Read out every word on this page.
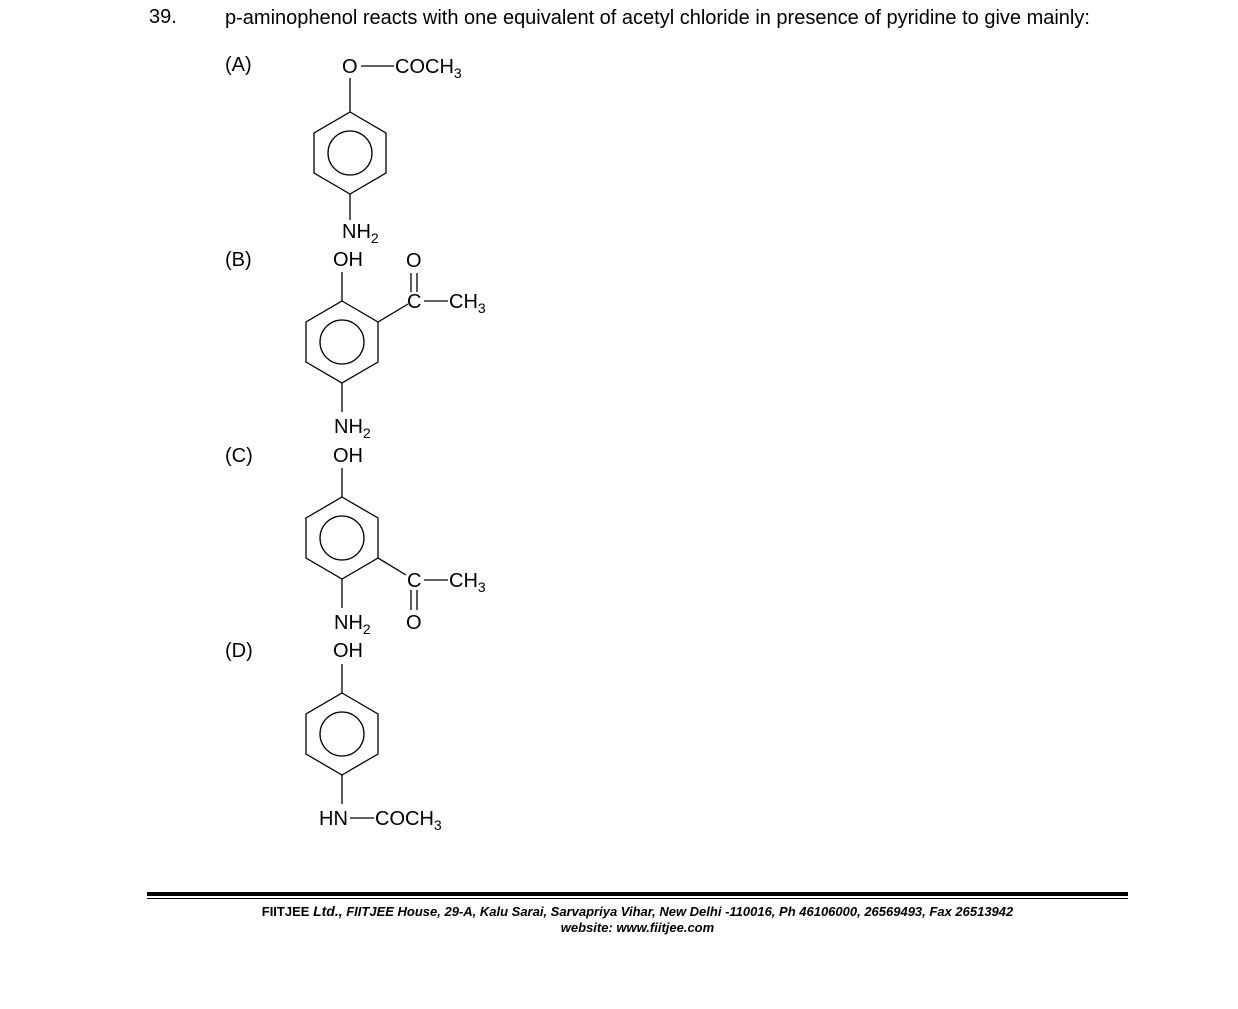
39. p-aminophenol reacts with one equivalent of acetyl chloride in presence of pyridine to give mainly:
(A)
(B)
(C)
(D)
O $COCH_3$
$NH_2$
OH O
C $CH_3$
$NH_2$
OH
C $CH_3$
O
$NH_2$
OH
HN $COCH_3$
FIITJEE Ltd., FIITJEE House, 29-A, Kalu Sarai, Sarvapriya Vihar, New Delhi -110016, Ph 46106000, 26569493, Fax 26513942
website: www.fiitjee.com
